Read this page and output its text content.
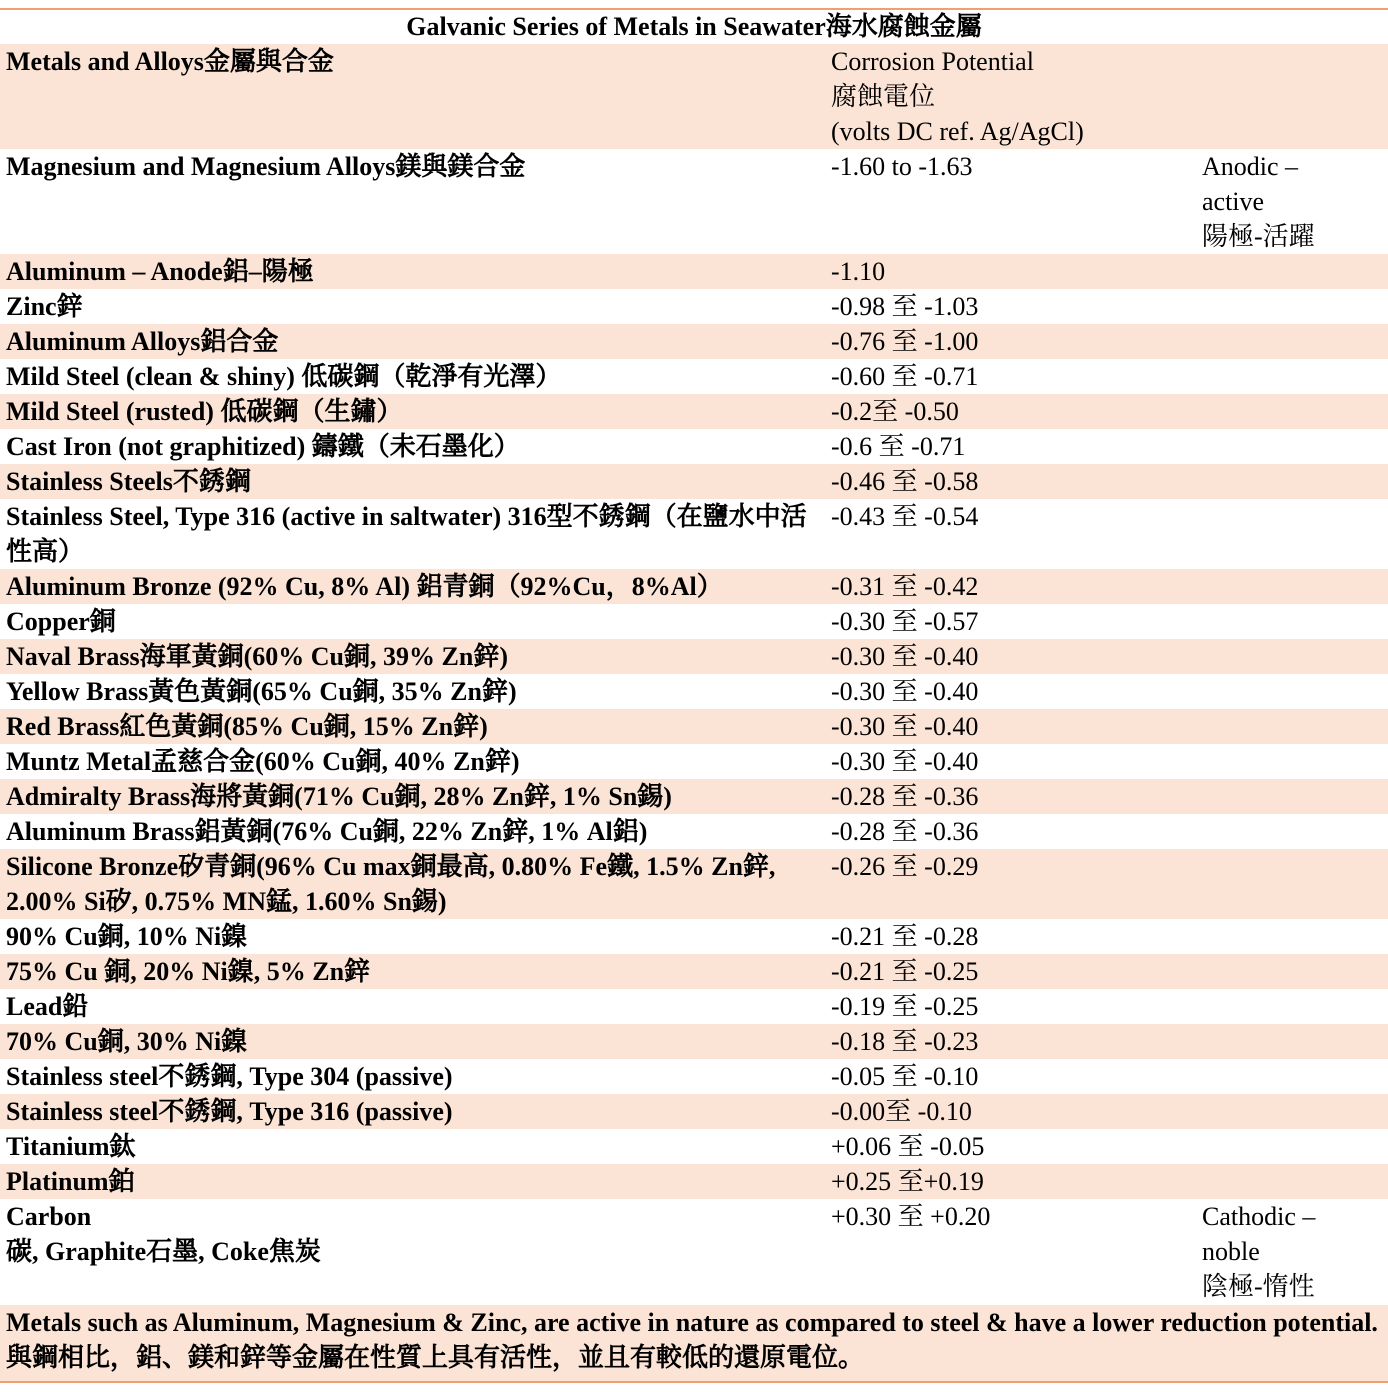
Galvanic Series of Metals in Seawater海水腐蝕金屬
Metals and Alloys金屬與合金	Corrosion Potential
腐蝕電位
(volts DC ref. Ag/AgCl)	
Magnesium and Magnesium Alloys鎂與鎂合金	-1.60 to -1.63	Anodic –
active
陽極-活躍
Aluminum – Anode鋁–陽極	-1.10	
Zinc鋅	-0.98 至 -1.03	
Aluminum Alloys鋁合金	-0.76 至 -1.00	
Mild Steel (clean & shiny) 低碳鋼（乾淨有光澤）	-0.60 至 -0.71	
Mild Steel (rusted) 低碳鋼（生鏽）	-0.2至 -0.50	
Cast Iron (not graphitized) 鑄鐵（未石墨化）	-0.6 至 -0.71	
Stainless Steels不銹鋼	-0.46 至 -0.58	
Stainless Steel, Type 316 (active in saltwater) 316型不銹鋼（在鹽水中活性高）	-0.43 至 -0.54	
Aluminum Bronze (92% Cu, 8% Al) 鋁青銅（92%Cu，8%Al）	-0.31 至 -0.42	
Copper銅	-0.30 至 -0.57	
Naval Brass海軍黃銅(60% Cu銅, 39% Zn鋅)	-0.30 至 -0.40	
Yellow Brass黃色黃銅(65% Cu銅, 35% Zn鋅)	-0.30 至 -0.40	
Red Brass紅色黃銅(85% Cu銅, 15% Zn鋅)	-0.30 至 -0.40	
Muntz Metal孟慈合金(60% Cu銅, 40% Zn鋅)	-0.30 至 -0.40	
Admiralty Brass海將黃銅(71% Cu銅, 28% Zn鋅, 1% Sn錫)	-0.28 至 -0.36	
Aluminum Brass鋁黃銅(76% Cu銅, 22% Zn鋅, 1% Al鋁)	-0.28 至 -0.36	
Silicone Bronze矽青銅(96% Cu max銅最高, 0.80% Fe鐵, 1.5% Zn鋅, 2.00% Si矽, 0.75% MN錳, 1.60% Sn錫)	-0.26 至 -0.29	
90% Cu銅, 10% Ni鎳	-0.21 至 -0.28	
75% Cu 銅, 20% Ni鎳, 5% Zn鋅	-0.21 至 -0.25	
Lead鉛	-0.19 至 -0.25	
70% Cu銅, 30% Ni鎳	-0.18 至 -0.23	
Stainless steel不銹鋼, Type 304 (passive)	-0.05 至 -0.10	
Stainless steel不銹鋼, Type 316 (passive)	-0.00至 -0.10	
Titanium鈦	+0.06 至 -0.05	
Platinum鉑	+0.25 至+0.19	
Carbon
碳, Graphite石墨, Coke焦炭	+0.30 至 +0.20	Cathodic –
noble
陰極-惰性
Metals such as Aluminum, Magnesium & Zinc, are active in nature as compared to steel & have a lower reduction potential. 與鋼相比，鋁、鎂和鋅等金屬在性質上具有活性，並且有較低的還原電位。
